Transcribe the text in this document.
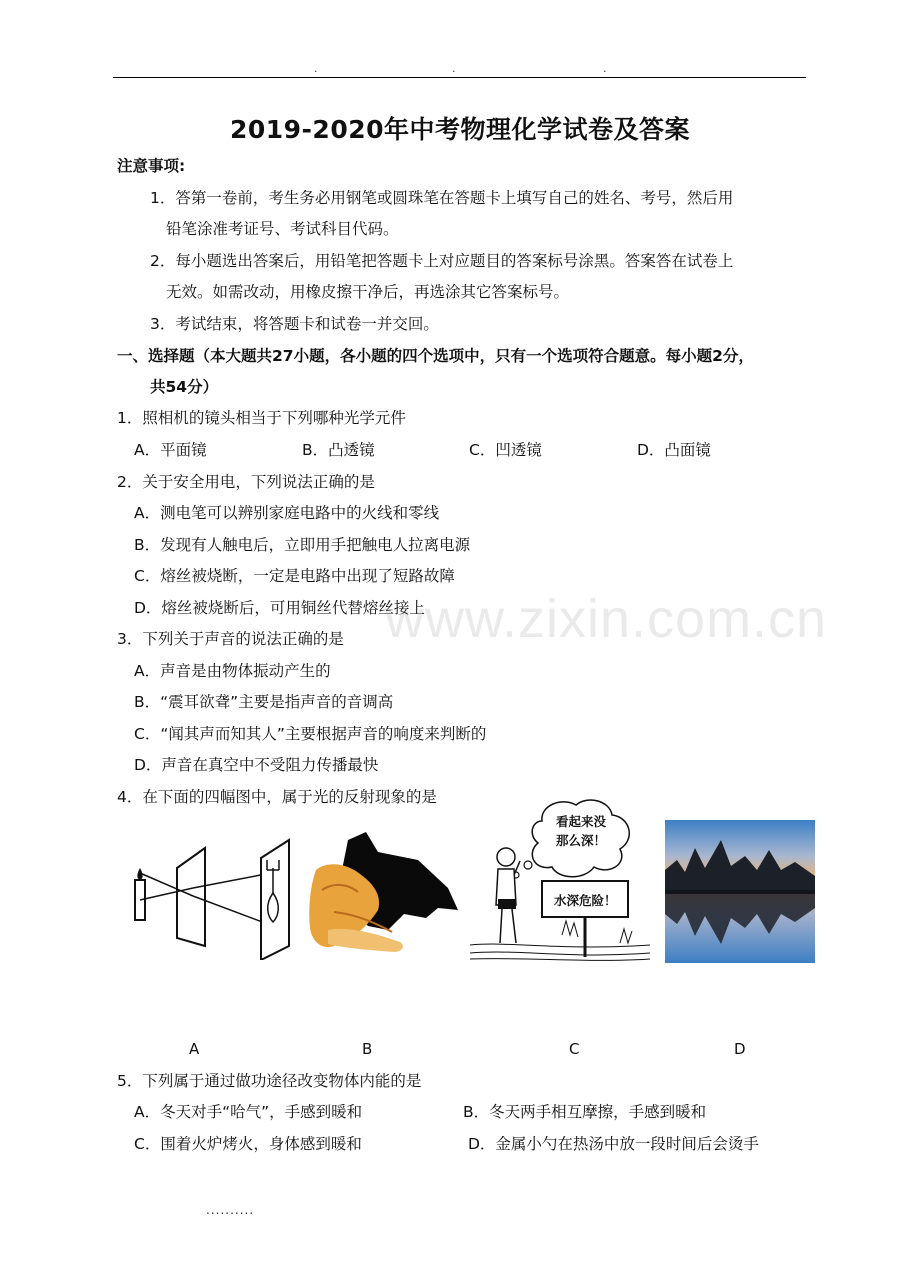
.	.	.
2019-2020年中考物理化学试卷及答案
注意事项:
1．答第一卷前，考生务必用钢笔或圆珠笔在答题卡上填写自己的姓名、考号，然后用
铅笔涂准考证号、考试科目代码。
2．每小题选出答案后，用铅笔把答题卡上对应题目的答案标号涂黑。答案答在试卷上
无效。如需改动，用橡皮擦干净后，再选涂其它答案标号。
3．考试结束，将答题卡和试卷一并交回。
一、选择题（本大题共27小题，各小题的四个选项中，只有一个选项符合题意。每小题2分，
共54分）
1．照相机的镜头相当于下列哪种光学元件
A．平面镜	B．凸透镜	C．凹透镜	D．凸面镜
2．关于安全用电，下列说法正确的是
A．测电笔可以辨别家庭电路中的火线和零线
B．发现有人触电后，立即用手把触电人拉离电源
C．熔丝被烧断，一定是电路中出现了短路故障
D．熔丝被烧断后，可用铜丝代替熔丝接上
3．下列关于声音的说法正确的是
A．声音是由物体振动产生的
B．“震耳欲聋”主要是指声音的音调高
C．“闻其声而知其人”主要根据声音的响度来判断的
D．声音在真空中不受阻力传播最快
4．在下面的四幅图中，属于光的反射现象的是
看起来没
那么深！
水深危险！
A	B	C	D
5．下列属于通过做功途径改变物体内能的是
A．冬天对手“哈气”，手感到暖和	B．冬天两手相互摩擦，手感到暖和
C．围着火炉烤火，身体感到暖和	D．金属小勺在热汤中放一段时间后会烫手
www.zixin.com.cn
..........
